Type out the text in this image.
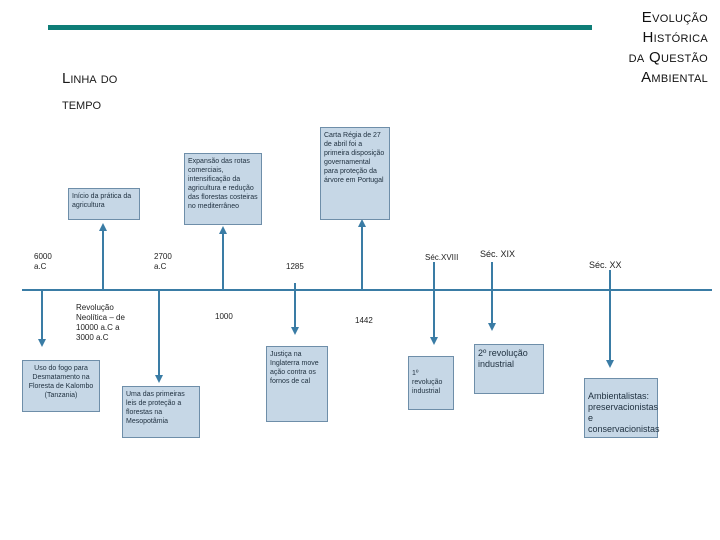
Evolução
Histórica
da Questão
Ambiental
Linha do
tempo
6000
a.C
2700
a.C	1285
Séc.XVIII Séc. XIX
Séc. XX
1000	1442
Revolução
Neolítica – de
10000 a.C a
3000 a.C
Início da prática da agricultura
Expansão das rotas comerciais, intensificação da agricultura e redução das florestas costeiras no mediterrâneo
Carta Régia de 27 de abril foi a primeira disposição governamental para proteção da árvore em Portugal
Uso do fogo para Desmatamento na Floresta de Kalombo (Tanzania)	Uma das primeiras leis de proteção a florestas na Mesopotâmia
Justiça na Inglaterra move ação contra os fornos de cal
1º revolução industrial
2º revolução industrial
Ambientalistas: preservacionistas e conservacionistas
